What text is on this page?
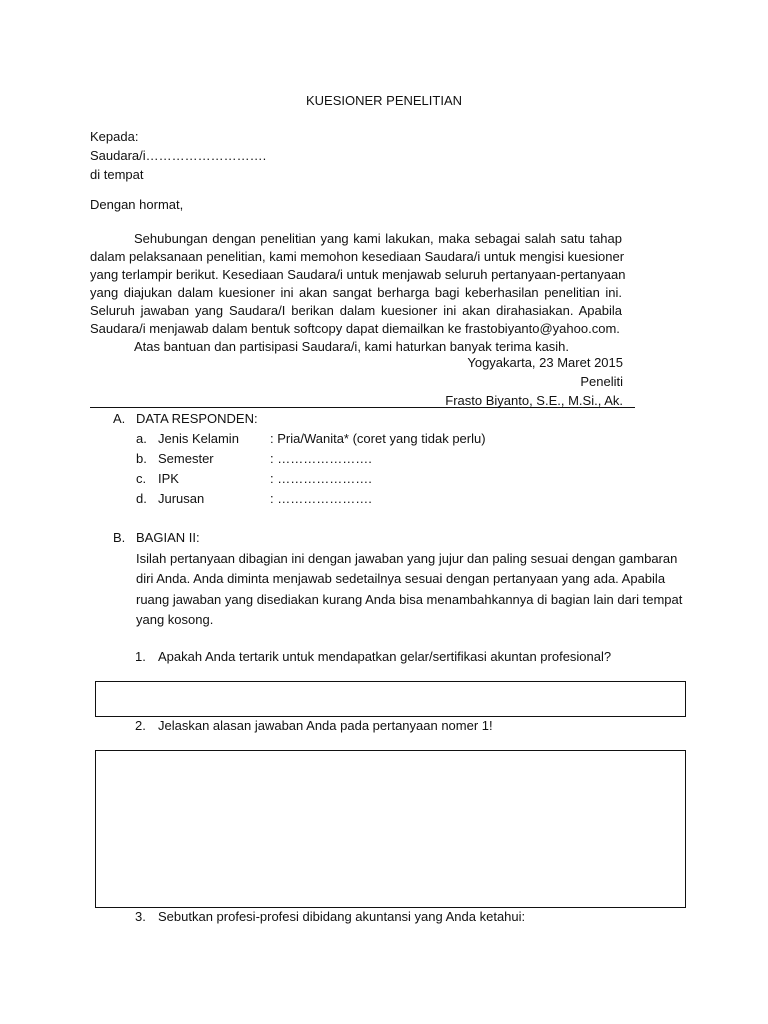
KUESIONER PENELITIAN
Kepada:
Saudara/i……………………….
di tempat
Dengan hormat,
Sehubungan dengan penelitian yang kami lakukan, maka sebagai salah satu tahap
dalam pelaksanaan penelitian, kami memohon kesediaan Saudara/i untuk mengisi kuesioner
yang terlampir berikut. Kesediaan Saudara/i untuk menjawab seluruh pertanyaan-pertanyaan
yang diajukan dalam kuesioner ini akan sangat berharga bagi keberhasilan penelitian ini.
Seluruh jawaban yang Saudara/I berikan dalam kuesioner ini akan dirahasiakan. Apabila
Saudara/i menjawab dalam bentuk softcopy dapat diemailkan ke frastobiyanto@yahoo.com.
Atas bantuan dan partisipasi Saudara/i, kami haturkan banyak terima kasih.
Yogyakarta, 23 Maret 2015
Peneliti
Frasto Biyanto, S.E., M.Si., Ak.
A. DATA RESPONDEN:
a. Jenis Kelamin : Pria/Wanita* (coret yang tidak perlu)
b. Semester	: ………………….
c. IPK	: ………………….
d. Jurusan	: ………………….
B. BAGIAN II:
Isilah pertanyaan dibagian ini dengan jawaban yang jujur dan paling sesuai dengan gambaran
diri Anda. Anda diminta menjawab sedetailnya sesuai dengan pertanyaan yang ada. Apabila
ruang jawaban yang disediakan kurang Anda bisa menambahkannya di bagian lain dari tempat
yang kosong.
1. Apakah Anda tertarik untuk mendapatkan gelar/sertifikasi akuntan profesional?
2. Jelaskan alasan jawaban Anda pada pertanyaan nomer 1!
3. Sebutkan profesi-profesi dibidang akuntansi yang Anda ketahui:
